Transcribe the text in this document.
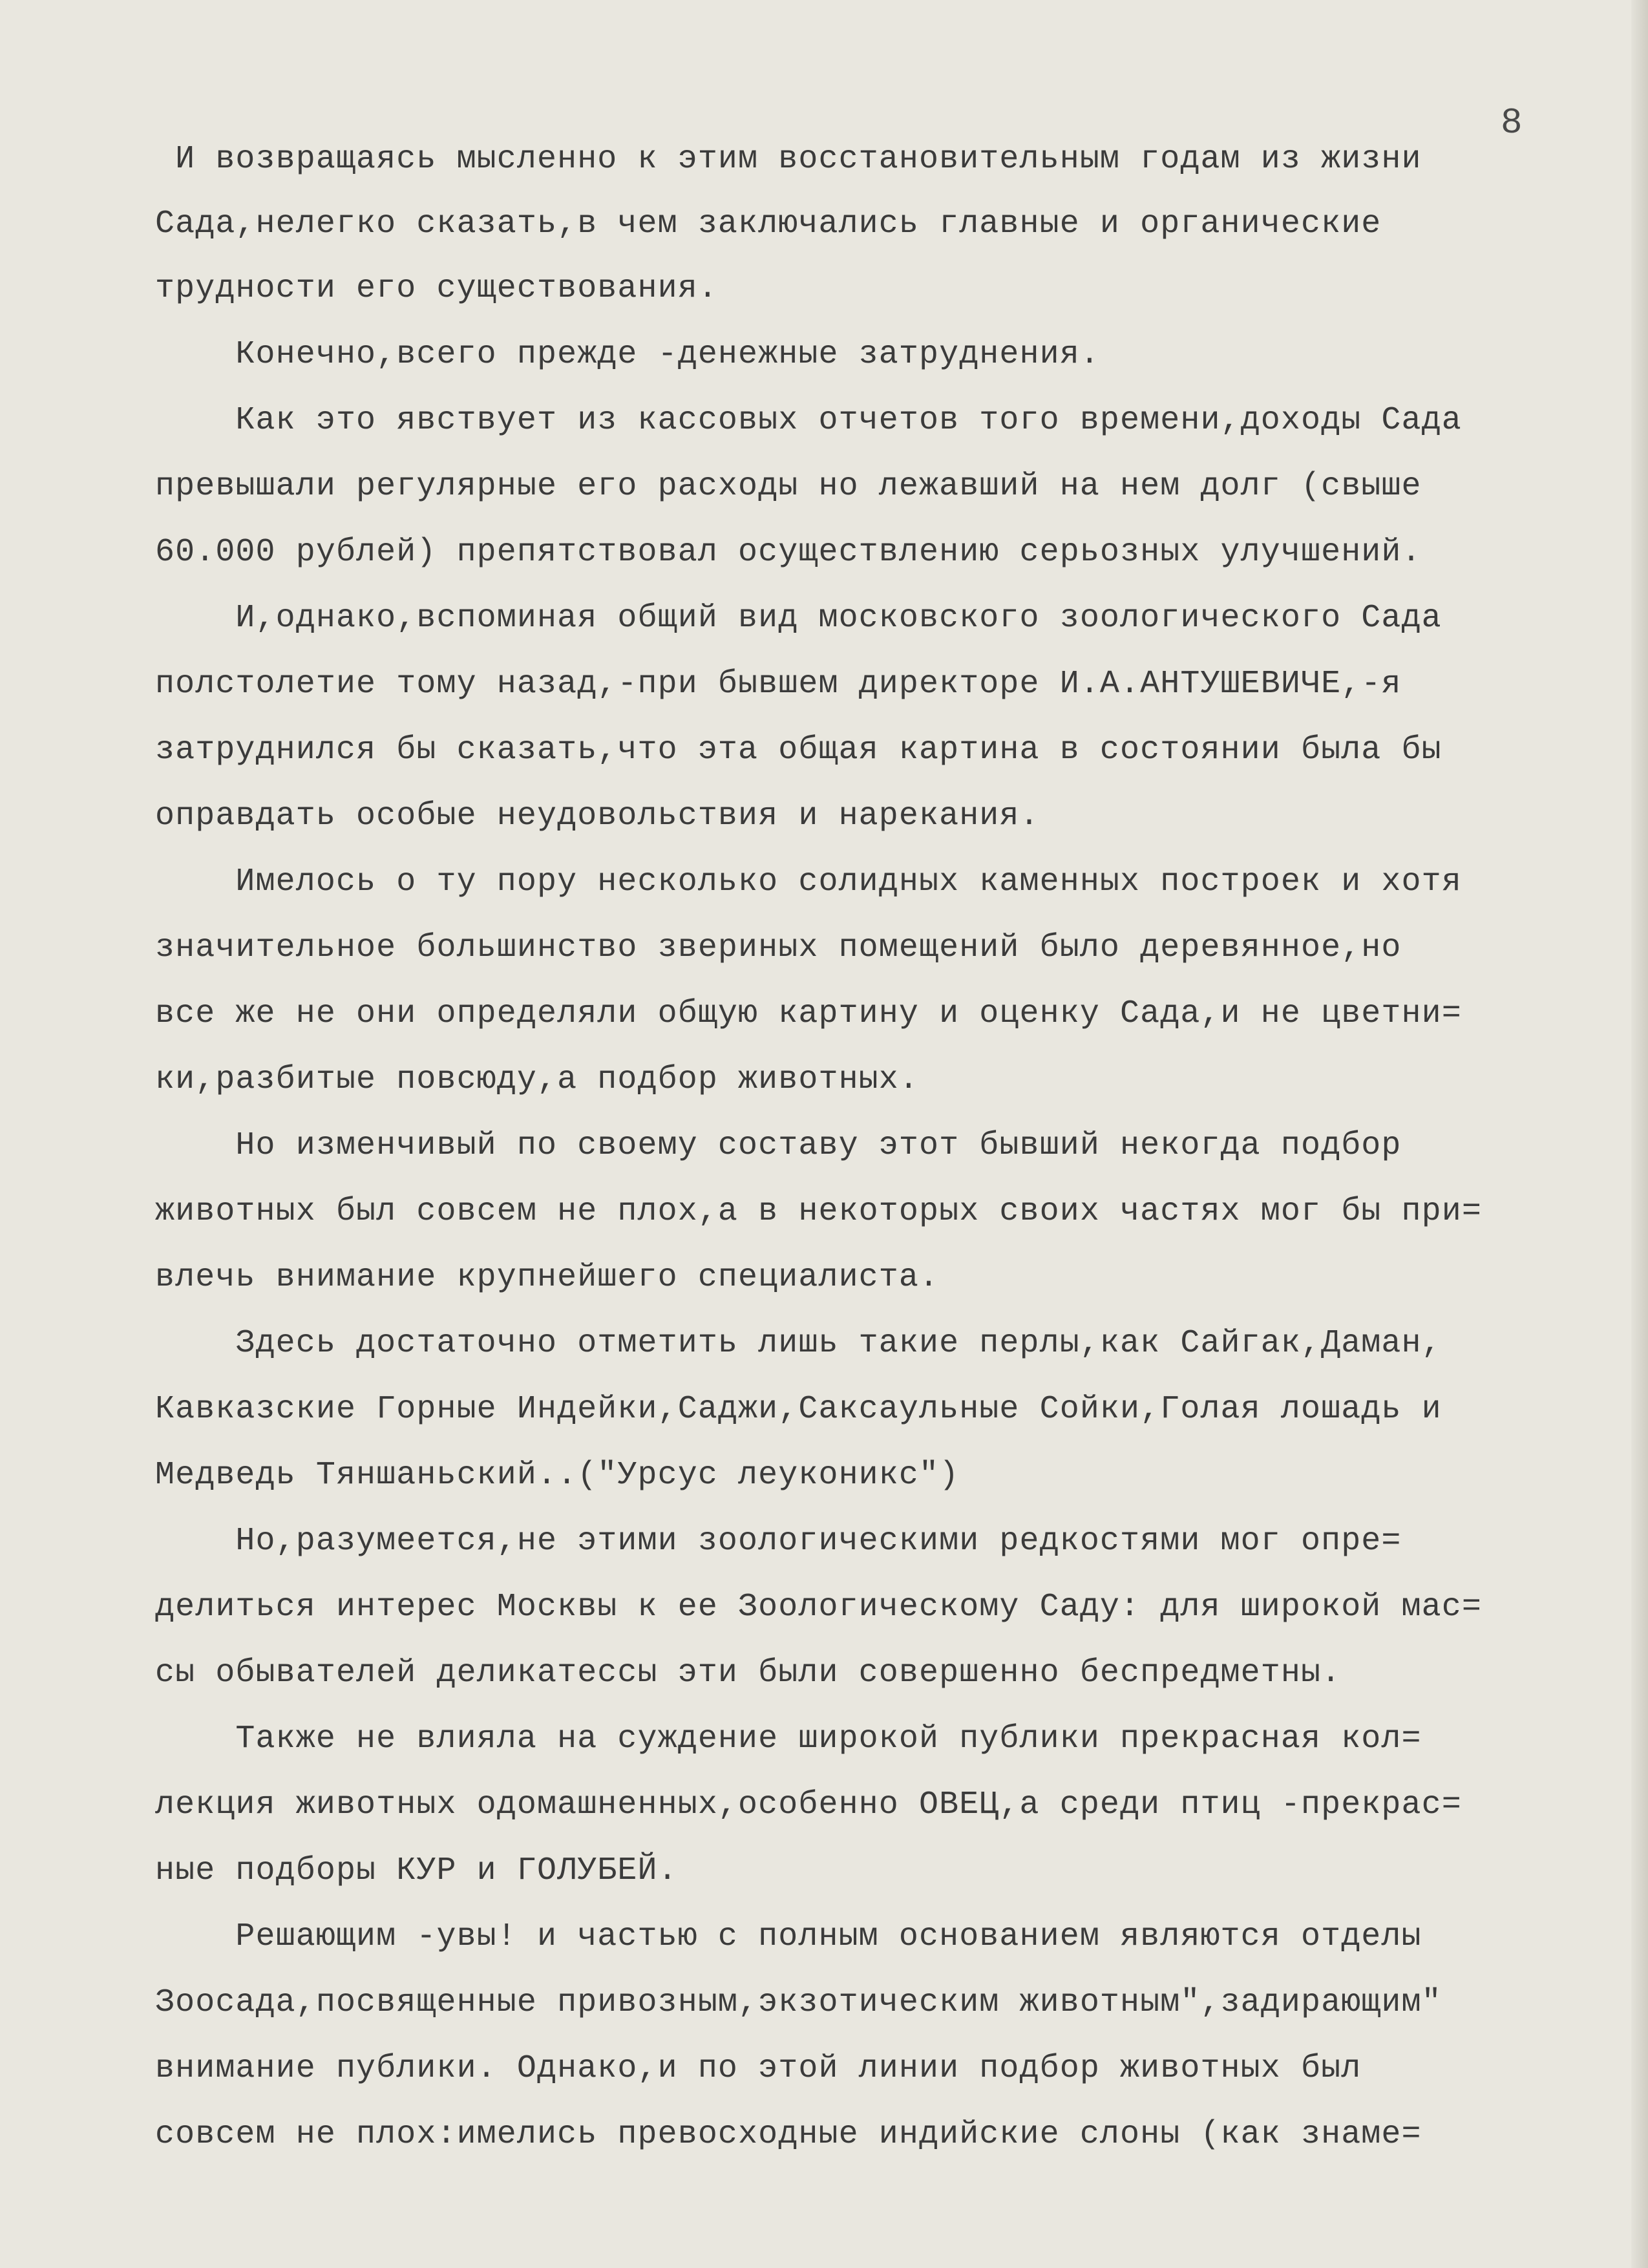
8

И возвращаясь мысленно к этим восстановительным годам из жизни
Сада,нелегко сказать,в чем заключались главные и органические
трудности его существования.
Конечно,всего прежде -денежные затруднения.
Как это явствует из кассовых отчетов того времени,доходы Сада
превышали регулярные его расходы но лежавший на нем долг (свыше
60.000 рублей) препятствовал осуществлению серьозных улучшений.
И,однако,вспоминая общий вид московского зоологического Сада
полстолетие тому назад,-при бывшем директоре И.А.АНТУШЕВИЧЕ,-я
затруднился бы сказать,что эта общая картина в состоянии была бы
оправдать особые неудовольствия и нарекания.
Имелось о ту пору несколько солидных каменных построек и хотя
значительное большинство звериных помещений было деревянное,но
все же не они определяли общую картину и оценку Сада,и не цветни=
ки,разбитые повсюду,а подбор животных.
Но изменчивый по своему составу этот бывший некогда подбор
животных был совсем не плох,а в некоторых своих частях мог бы при=
влечь внимание крупнейшего специалиста.
Здесь достаточно отметить лишь такие перлы,как Сайгак,Даман,
Кавказские Горные Индейки,Саджи,Саксаульные Сойки,Голая лошадь и
Медведь Тяншаньский..("Урсус леуконикс")
Но,разумеется,не этими зоологическими редкостями мог опре=
делиться интерес Москвы к ее Зоологическому Саду: для широкой мас=
сы обывателей деликатессы эти были совершенно беспредметны.
Также не влияла на суждение широкой публики прекрасная кол=
лекция животных одомашненных,особенно ОВЕЦ,а среди птиц -прекрас=
ные подборы КУР и ГОЛУБЕЙ.
Решающим -увы! и частью с полным основанием являются отделы
Зоосада,посвященные привозным,экзотическим животным",задирающим"
внимание публики. Однако,и по этой линии подбор животных был
совсем не плох:имелись превосходные индийские слоны (как знаме=
